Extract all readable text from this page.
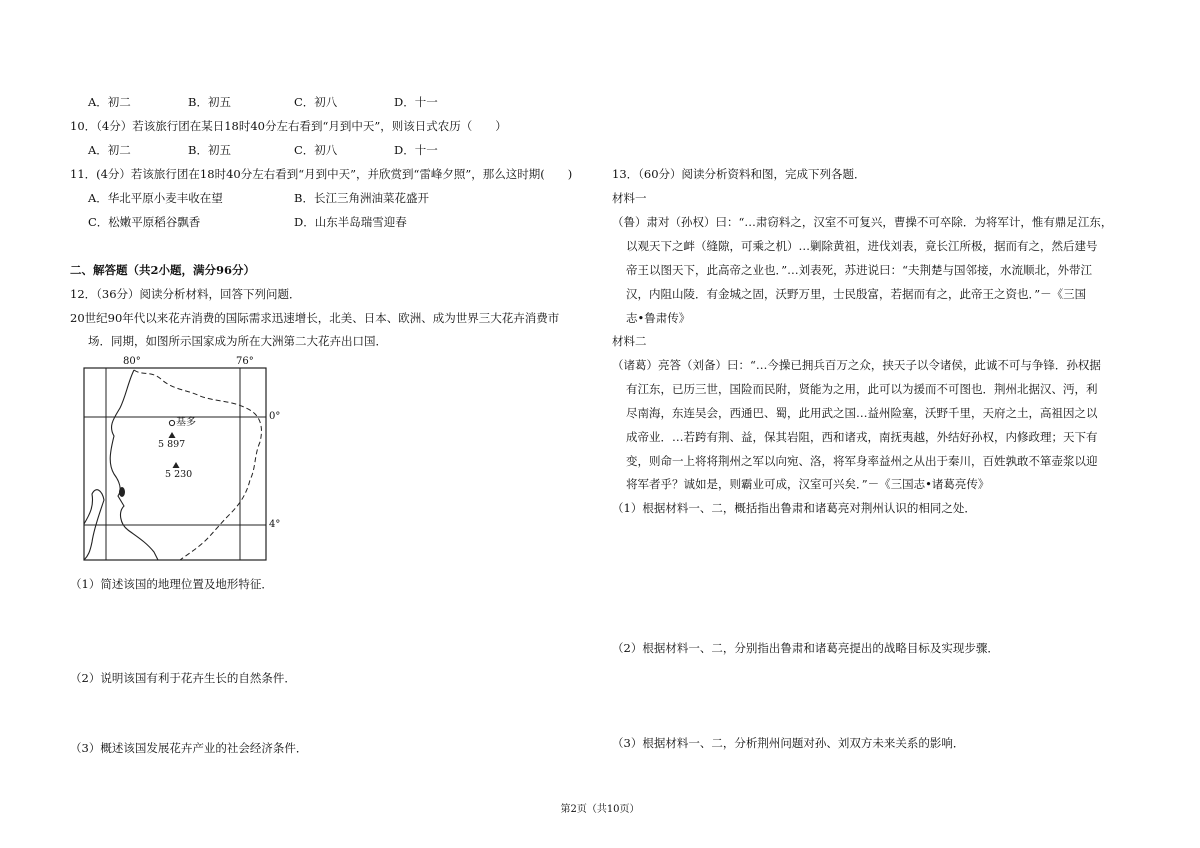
A．初二	B．初五	C．初八	D．十一
10．（4分）若该旅行团在某日18时40分左右看到“月到中天”，则该日式农历（　　）
A．初二	B．初五	C．初八	D．十一
11．(4分）若该旅行团在18时40分左右看到“月到中天”，并欣赏到“雷峰夕照”，那么这时期(　　)
A．华北平原小麦丰收在望	B．长江三角洲油菜花盛开
C．松嫩平原稻谷飘香	D．山东半岛瑞雪迎春
二、解答题（共2小题，满分96分）
12．（36分）阅读分析材料，回答下列问题．
20世纪90年代以来花卉消费的国际需求迅速增长，北美、日本、欧洲、成为世界三大花卉消费市
场．同期，如图所示国家成为所在大洲第二大花卉出口国．
80°	76°
0°
4°
基多
5 897
5 230
（1）简述该国的地理位置及地形特征．
（2）说明该国有利于花卉生长的自然条件．
（3）概述该国发展花卉产业的社会经济条件．
13．（60分）阅读分析资料和图，完成下列各题．
材料一
（鲁）肃对（孙权）曰：“…肃窃料之，汉室不可复兴，曹操不可卒除．为将军计，惟有鼎足江东，
以观天下之衅（缝隙，可乘之机）…剿除黄祖，进伐刘表，竟长江所极，据而有之，然后建号
帝王以图天下，此高帝之业也．”…刘表死，苏进说曰：“夫荆楚与国邻接，水流顺北，外带江
汉，内阻山陵．有金城之固，沃野万里，士民殷富，若据而有之，此帝王之资也．”－《三国
志•鲁肃传》
材料二
（诸葛）亮答（刘备）曰：“…今操已拥兵百万之众，挟天子以令诸侯，此诚不可与争锋．孙权据
有江东，已历三世，国险而民附，贤能为之用，此可以为援而不可图也．荆州北据汉、沔，利
尽南海，东连吴会，西通巴、蜀，此用武之国…益州险塞，沃野千里，天府之土，高祖因之以
成帝业．…若跨有荆、益，保其岩阻，西和诸戎，南抚夷越，外结好孙权，内修政理；天下有
变，则命一上将将荆州之军以向宛、洛，将军身率益州之从出于秦川，百姓孰敢不箪壶浆以迎
将军者乎？诚如是，则霸业可成，汉室可兴矣．”－《三国志•诸葛亮传》
（1）根据材料一、二，概括指出鲁肃和诸葛亮对荆州认识的相同之处．
（2）根据材料一、二，分别指出鲁肃和诸葛亮提出的战略目标及实现步骤．
（3）根据材料一、二，分析荆州问题对孙、刘双方未来关系的影响．
第2页（共10页）
